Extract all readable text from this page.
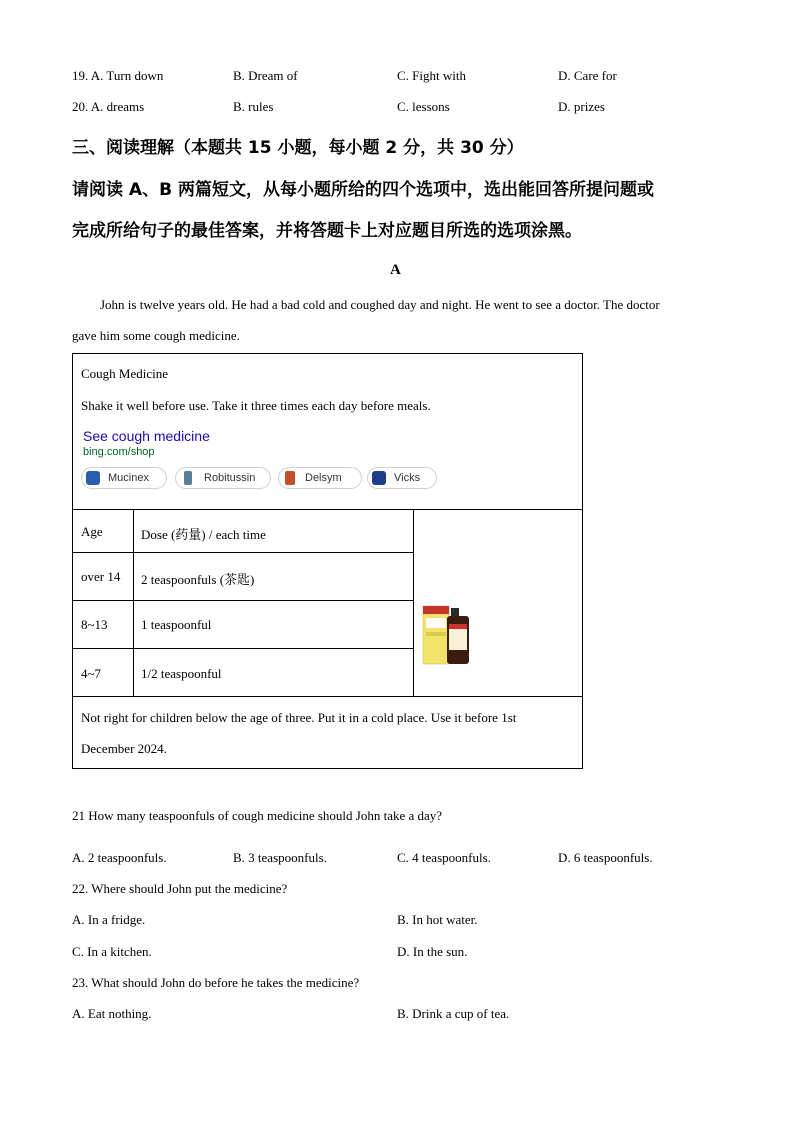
19. A. Turn down	B. Dream of	C. Fight with	D. Care for
20. A. dreams	B. rules	C. lessons	D. prizes
三、阅读理解（本题共 15 小题，每小题 2 分，共 30 分）
请阅读 A、B 两篇短文，从每小题所给的四个选项中，选出能回答所提问题或
完成所给句子的最佳答案，并将答题卡上对应题目所选的选项涂黑。
A
John is twelve years old. He had a bad cold and coughed day and night. He went to see a doctor. The doctor
gave him some cough medicine.
Cough Medicine
Shake it well before use. Take it three times each day before meals.
See cough medicine
bing.com/shop
Mucinex	Robitussin	Delsym	Vicks
Age	Dose (药量) / each time
over 14 2 teaspoonfuls (茶匙)
8~13	1 teaspoonful
4~7	1/2 teaspoonful
Not right for children below the age of three. Put it in a cold place. Use it before 1st
December 2024.
21 How many teaspoonfuls of cough medicine should John take a day?
A. 2 teaspoonfuls.	B. 3 teaspoonfuls.	C. 4 teaspoonfuls.	D. 6 teaspoonfuls.
22. Where should John put the medicine?
A. In a fridge.	B. In hot water.
C. In a kitchen.	D. In the sun.
23. What should John do before he takes the medicine?
A. Eat nothing.	B. Drink a cup of tea.
